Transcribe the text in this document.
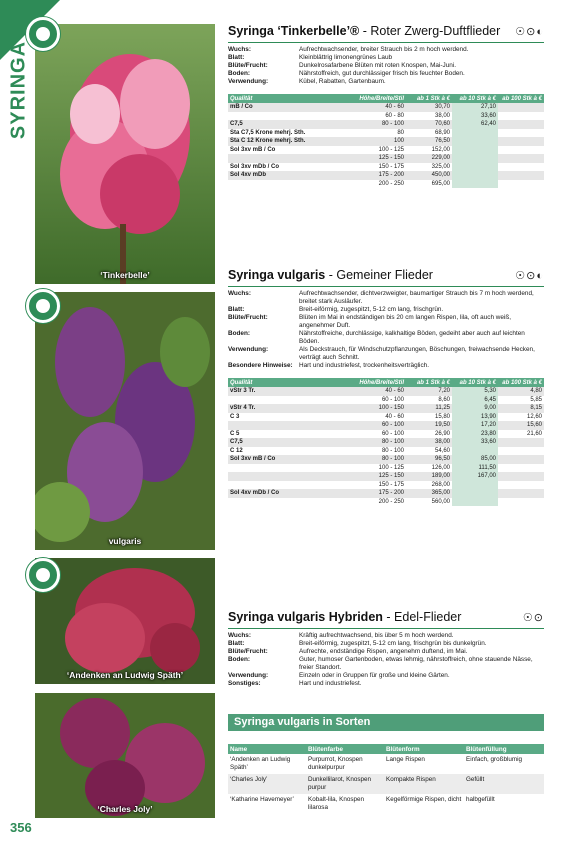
SYRINGA
356
‘Tinkerbelle’
vulgaris
‘Andenken an Ludwig Späth’
‘Charles Joly’
Syringa ‘Tinkerbelle’® - Roter Zwerg-Duftflieder	☉⊙◐
Wuchs:	Aufrechtwachsender, breiter Strauch bis 2 m hoch werdend.
Blatt:	Kleinblättrig limonengrünes Laub
Blüte/Frucht:	Dunkelrosafarbene Blüten mit roten Knospen, Mai-Juni.
Boden:	Nährstoffreich, gut durchlässiger frisch bis feuchter Boden.
Verwendung:	Kübel, Rabatten, Gartenbaum.
Qualität	Höhe/Breite/Stil	ab 1 Stk à €	ab 10 Stk à €	ab 100 Stk à €
mB / Co	40 - 60	30,70	27,10	
	60 - 80	38,00	33,60	
C7,5	80 - 100	70,60	62,40	
Sta C7,5 Krone mehrj. Sth.	80	68,90		
Sta C 12 Krone mehrj. Sth.	100	76,50		
Sol 3xv mB / Co	100 - 125	152,00		
	125 - 150	229,00		
Sol 3xv mDb / Co	150 - 175	325,00		
Sol 4xv mDb	175 - 200	450,00		
	200 - 250	695,00		
Syringa vulgaris - Gemeiner Flieder	☉⊙◐
Wuchs:	Aufrechtwachsender, dichtverzweigter, baumartiger Strauch bis 7 m hoch werdend, breitet stark Ausläufer.
Blatt:	Breit-eiförmig, zugespitzt, 5-12 cm lang, frischgrün.
Blüte/Frucht:	Blüten im Mai in endständigen bis 20 cm langen Rispen, lila, oft auch weiß, angenehmer Duft.
Boden:	Nährstoffreiche, durchlässige, kalkhaltige Böden, gedeiht aber auch auf leichten Böden.
Verwendung:	Als Deckstrauch, für Windschutzpflanzungen, Böschungen, freiwachsende Hecken, verträgt auch Schnitt.
Besondere Hinweise:	Hart und industriefest, trockenheitsverträglich.
Qualität	Höhe/Breite/Stil	ab 1 Stk à €	ab 10 Stk à €	ab 100 Stk à €
vStr 3 Tr.	40 - 60	7,20	5,30	4,80
	60 - 100	8,60	6,45	5,85
vStr 4 Tr.	100 - 150	11,25	9,00	8,15
C 3	40 - 60	15,80	13,90	12,60
	60 - 100	19,50	17,20	15,60
C 5	60 - 100	26,90	23,80	21,60
C7,5	80 - 100	38,00	33,60	
C 12	80 - 100	54,60		
Sol 3xv mB / Co	80 - 100	96,50	85,00	
	100 - 125	126,00	111,50	
	125 - 150	189,00	167,00	
	150 - 175	268,00		
Sol 4xv mDb / Co	175 - 200	365,00		
	200 - 250	560,00		
Syringa vulgaris Hybriden - Edel-Flieder	☉⊙
Wuchs:	Kräftig aufrechtwachsend, bis über 5 m hoch werdend.
Blatt:	Breit-eiförmig, zugespitzt, 5-12 cm lang, frischgrün bis dunkelgrün.
Blüte/Frucht:	Aufrechte, endständige Rispen, angenehm duftend, im Mai.
Boden:	Guter, humoser Gartenboden, etwas lehmig, nährstoffreich, ohne stauende Nässe, freier Standort.
Verwendung:	Einzeln oder in Gruppen für große und kleine Gärten.
Sonstiges:	Hart und industriefest.
Syringa vulgaris in Sorten
Name	Blütenfarbe	Blütenform	Blütenfüllung
‘Andenken an Ludwig Späth’	Purpurrot, Knospen dunkelpurpur	Lange Rispen	Einfach, großblumig
‘Charles Joly’	Dunkellilarot, Knospen purpur	Kompakte Rispen	Gefüllt
‘Katharine Havemeyer’	Kobalt-lila, Knospen lilarosa	Kegelförmige Rispen, dicht	halbgefüllt
